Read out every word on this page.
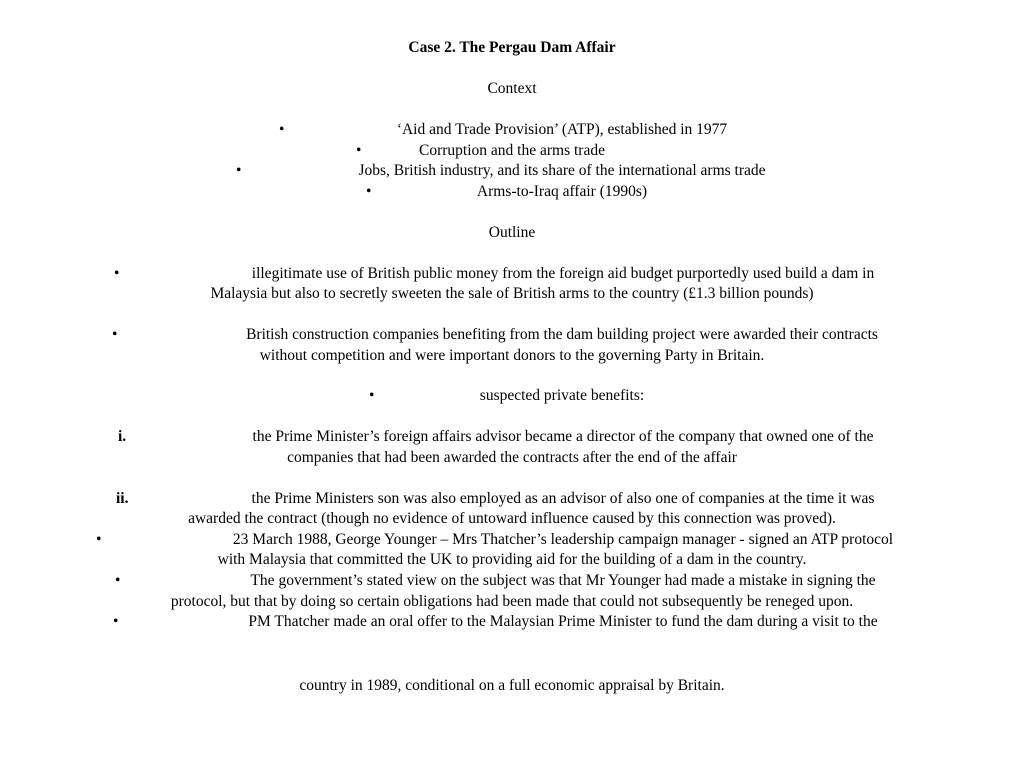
Case 2. The Pergau Dam Affair
Context
•	‘Aid and Trade Provision’ (ATP), established in 1977
•	Corruption and the arms trade
•	Jobs, British industry, and its share of the international arms trade
•	Arms-to-Iraq affair (1990s)
Outline
•	illegitimate use of British public money from the foreign aid budget purportedly used build a dam in
Malaysia but also to secretly sweeten the sale of British arms to the country (£1.3 billion pounds)
•	British construction companies benefiting from the dam building project were awarded their contracts
without competition and were important donors to the governing Party in Britain.
•	suspected private benefits:
i.	the Prime Minister’s foreign affairs advisor became a director of the company that owned one of the
companies that had been awarded the contracts after the end of the affair
ii.	the Prime Ministers son was also employed as an advisor of also one of companies at the time it was
awarded the contract (though no evidence of untoward influence caused by this connection was proved).
•	23 March 1988, George Younger – Mrs Thatcher’s leadership campaign manager - signed an ATP protocol
with Malaysia that committed the UK to providing aid for the building of a dam in the country.
•	The government’s stated view on the subject was that Mr Younger had made a mistake in signing the
protocol, but that by doing so certain obligations had been made that could not subsequently be reneged upon.
•	PM Thatcher made an oral offer to the Malaysian Prime Minister to fund the dam during a visit to the
country in 1989, conditional on a full economic appraisal by Britain.
